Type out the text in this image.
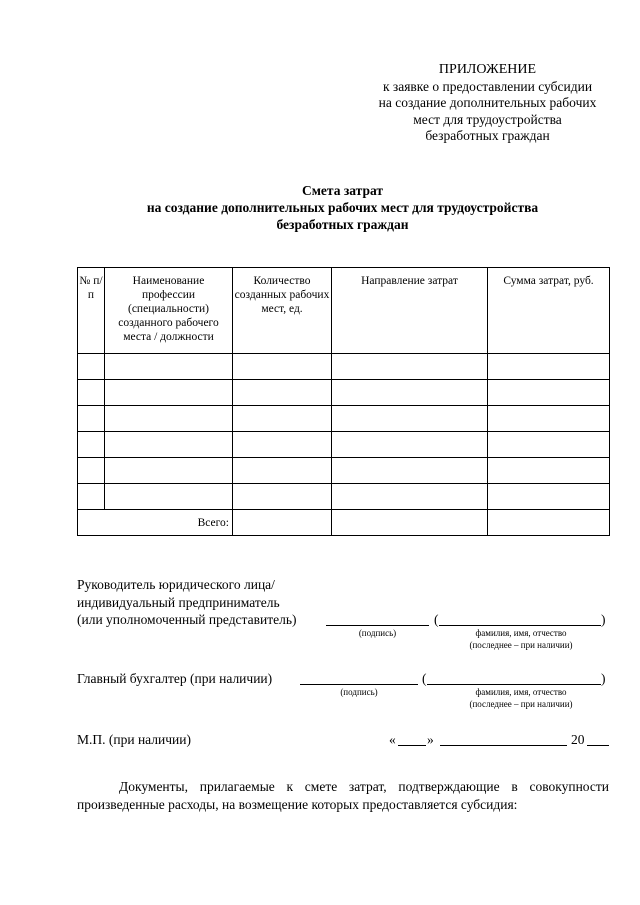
ПРИЛОЖЕНИЕ
к заявке о предоставлении субсидии
на создание дополнительных рабочих
мест для трудоустройства
безработных граждан
Смета затрат
на создание дополнительных рабочих мест для трудоустройства
безработных граждан
№ п/п	Наименование профессии (специальности) созданного рабочего места / должности	Количество созданных рабочих мест, ед.	Направление затрат	Сумма затрат, руб.

Всего:				
Руководитель юридического лица/
индивидуальный предприниматель
(или уполномоченный представитель)	(	)
(подпись)	фамилия, имя, отчество
(последнее – при наличии)
Главный бухгалтер (при наличии)	(	)
(подпись)	фамилия, имя, отчество
(последнее – при наличии)
М.П. (при наличии)	« »	20
Документы, прилагаемые к смете затрат, подтверждающие в совокупности произведенные расходы, на возмещение которых предоставляется субсидия:
